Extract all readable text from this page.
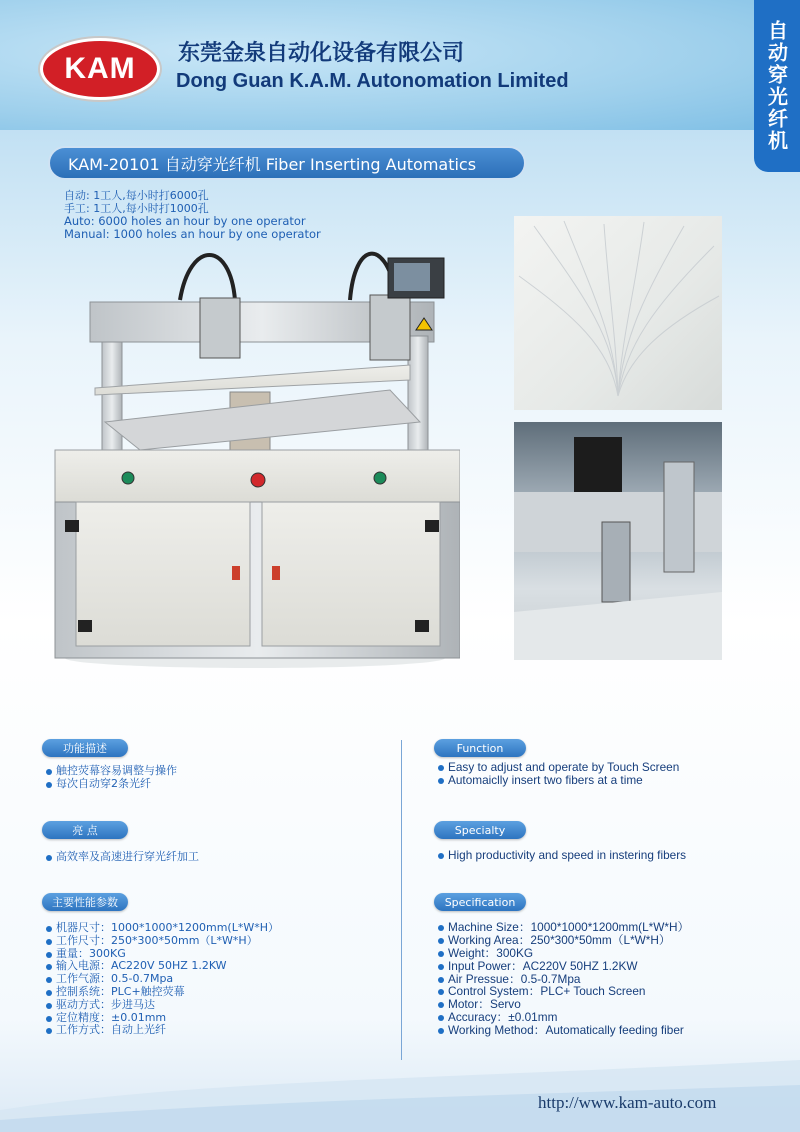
KAM 东莞金泉自动化设备有限公司
Dong Guan K.A.M. Autonomation Limited	自动穿光纤机
KAM-20101 自动穿光纤机 Fiber Inserting Automatics
自动: 1工人,每小时打6000孔
手工: 1工人,每小时打1000孔
Auto: 6000 holes an hour by one operator
Manual: 1000 holes an hour by one operator
功能描述	Function
触控荧幕容易调整与操作
每次自动穿2条光纤
Easy to adjust and operate by Touch Screen
Automaiclly insert two fibers at a time
亮 点	Specialty
高效率及高速进行穿光纤加工	High productivity and speed in instering fibers
主要性能参数	Specification
机器尺寸：1000*1000*1200mm(L*W*H）
工作尺寸：250*300*50mm（L*W*H）
重量：300KG
输入电源：AC220V 50HZ 1.2KW
工作气源：0.5-0.7Mpa
控制系统：PLC+触控荧幕
驱动方式：步进马达
定位精度：±0.01mm
工作方式：自动上光纤
Machine Size：1000*1000*1200mm(L*W*H）
Working Area：250*300*50mm（L*W*H）
Weight：300KG
Input Power：AC220V 50HZ 1.2KW
Air Pressue：0.5-0.7Mpa
Control System：PLC+ Touch Screen
Motor：Servo
Accuracy：±0.01mm
Working Method：Automatically feeding fiber
http://www.kam-auto.com
